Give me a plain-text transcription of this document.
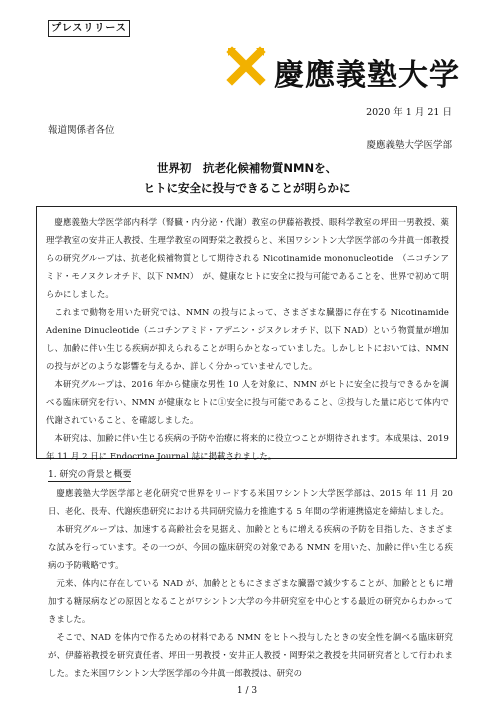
プレスリリース
慶應義塾大学
2020 年 1 月 21 日
報道関係者各位
慶應義塾大学医学部
世界初　抗老化候補物質NMNを、
ヒトに安全に投与できることが明らかに

慶應義塾大学医学部内科学（腎臓・内分泌・代謝）教室の伊藤裕教授、眼科学教室の坪田一男教授、薬理学教室の安井正人教授、生理学教室の岡野栄之教授らと、米国ワシントン大学医学部の今井眞一郎教授らの研究グループは、抗老化候補物質として期待される Nicotinamide mononucleotide　（ニコチンアミド・モノヌクレオチド、以下 NMN）　が、健康なヒトに安全に投与可能であることを、世界で初めて明らかにしました。

これまで動物を用いた研究では、NMN の投与によって、さまざまな臓器に存在する Nicotinamide Adenine Dinucleotide（ニコチンアミド・アデニン・ジヌクレオチド、以下 NAD）という物質量が増加し、加齢に伴い生じる疾病が抑えられることが明らかとなっていました。しかしヒトにおいては、NMN の投与がどのような影響を与えるか、詳しく分かっていませんでした。

本研究グループは、2016 年から健康な男性 10 人を対象に、NMN がヒトに安全に投与できるかを調べる臨床研究を行い、NMN が健康なヒトに①安全に投与可能であること、②投与した量に応じて体内で代謝されていること、を確認しました。

本研究は、加齢に伴い生じる疾病の予防や治療に将来的に役立つことが期待されます。本成果は、2019 年 11 月 2 日に Endocrine Journal 誌に掲載されました。

1. 研究の背景と概要

慶應義塾大学医学部と老化研究で世界をリードする米国ワシントン大学医学部は、2015 年 11 月 20 日、老化、長寿、代謝疾患研究における共同研究協力を推進する 5 年間の学術連携協定を締結しました。

本研究グループは、加速する高齢社会を見据え、加齢とともに増える疾病の予防を目指した、さまざまな試みを行っています。その一つが、今回の臨床研究の対象である NMN を用いた、加齢に伴い生じる疾病の予防戦略です。

元来、体内に存在している NAD が、加齢とともにさまざまな臓器で減少することが、加齢とともに増加する糖尿病などの原因となることがワシントン大学の今井研究室を中心とする最近の研究からわかってきました。

そこで、NAD を体内で作るための材料である NMN をヒトへ投与したときの安全性を調べる臨床研究が、伊藤裕教授を研究責任者、坪田一男教授・安井正人教授・岡野栄之教授を共同研究者として行われました。また米国ワシントン大学医学部の今井眞一郎教授は、研究の

1 / 3
